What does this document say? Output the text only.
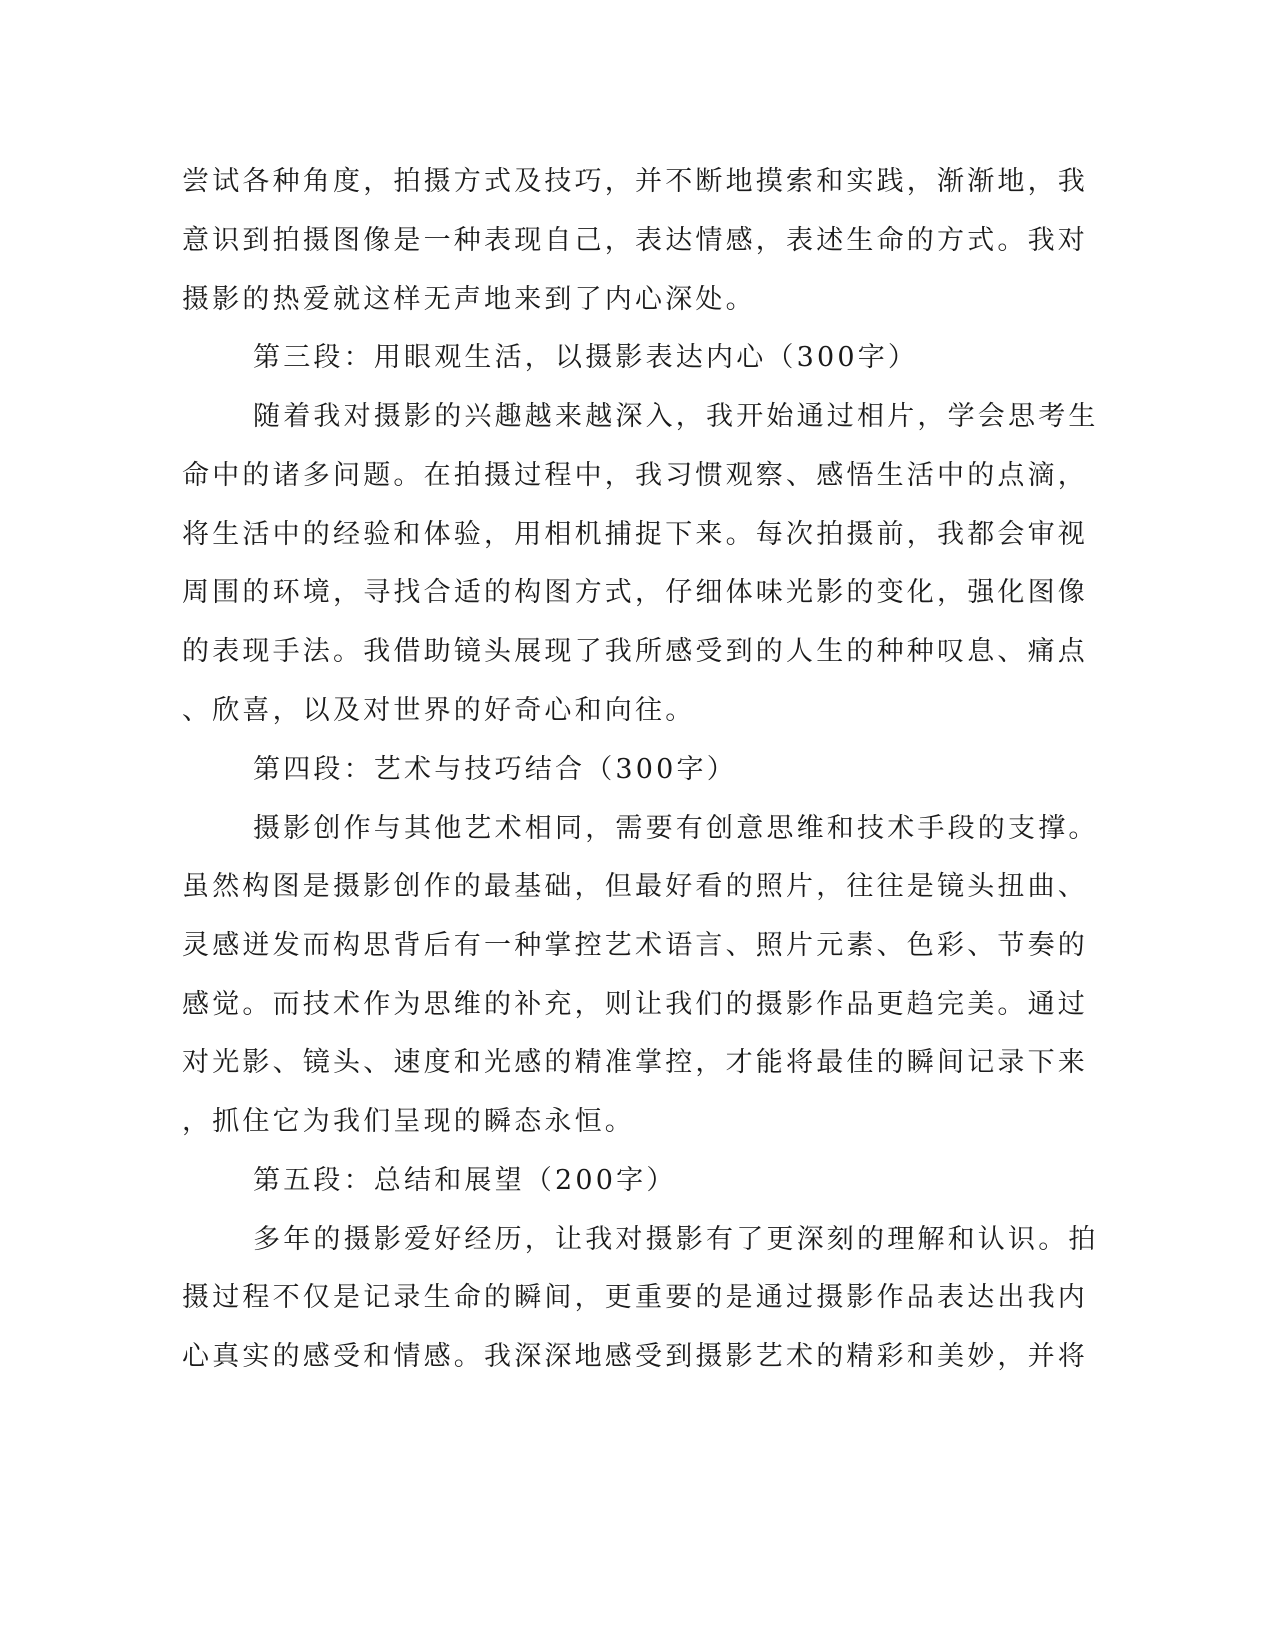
尝试各种角度，拍摄方式及技巧，并不断地摸索和实践，渐渐地，我
意识到拍摄图像是一种表现自己，表达情感，表述生命的方式。我对
摄影的热爱就这样无声地来到了内心深处。
第三段：用眼观生活，以摄影表达内心（300字）
随着我对摄影的兴趣越来越深入，我开始通过相片，学会思考生
命中的诸多问题。在拍摄过程中，我习惯观察、感悟生活中的点滴，
将生活中的经验和体验，用相机捕捉下来。每次拍摄前，我都会审视
周围的环境，寻找合适的构图方式，仔细体味光影的变化，强化图像
的表现手法。我借助镜头展现了我所感受到的人生的种种叹息、痛点
、欣喜，以及对世界的好奇心和向往。
第四段：艺术与技巧结合（300字）
摄影创作与其他艺术相同，需要有创意思维和技术手段的支撑。
虽然构图是摄影创作的最基础，但最好看的照片，往往是镜头扭曲、
灵感迸发而构思背后有一种掌控艺术语言、照片元素、色彩、节奏的
感觉。而技术作为思维的补充，则让我们的摄影作品更趋完美。通过
对光影、镜头、速度和光感的精准掌控，才能将最佳的瞬间记录下来
，抓住它为我们呈现的瞬态永恒。
第五段：总结和展望（200字）
多年的摄影爱好经历，让我对摄影有了更深刻的理解和认识。拍
摄过程不仅是记录生命的瞬间，更重要的是通过摄影作品表达出我内
心真实的感受和情感。我深深地感受到摄影艺术的精彩和美妙，并将
